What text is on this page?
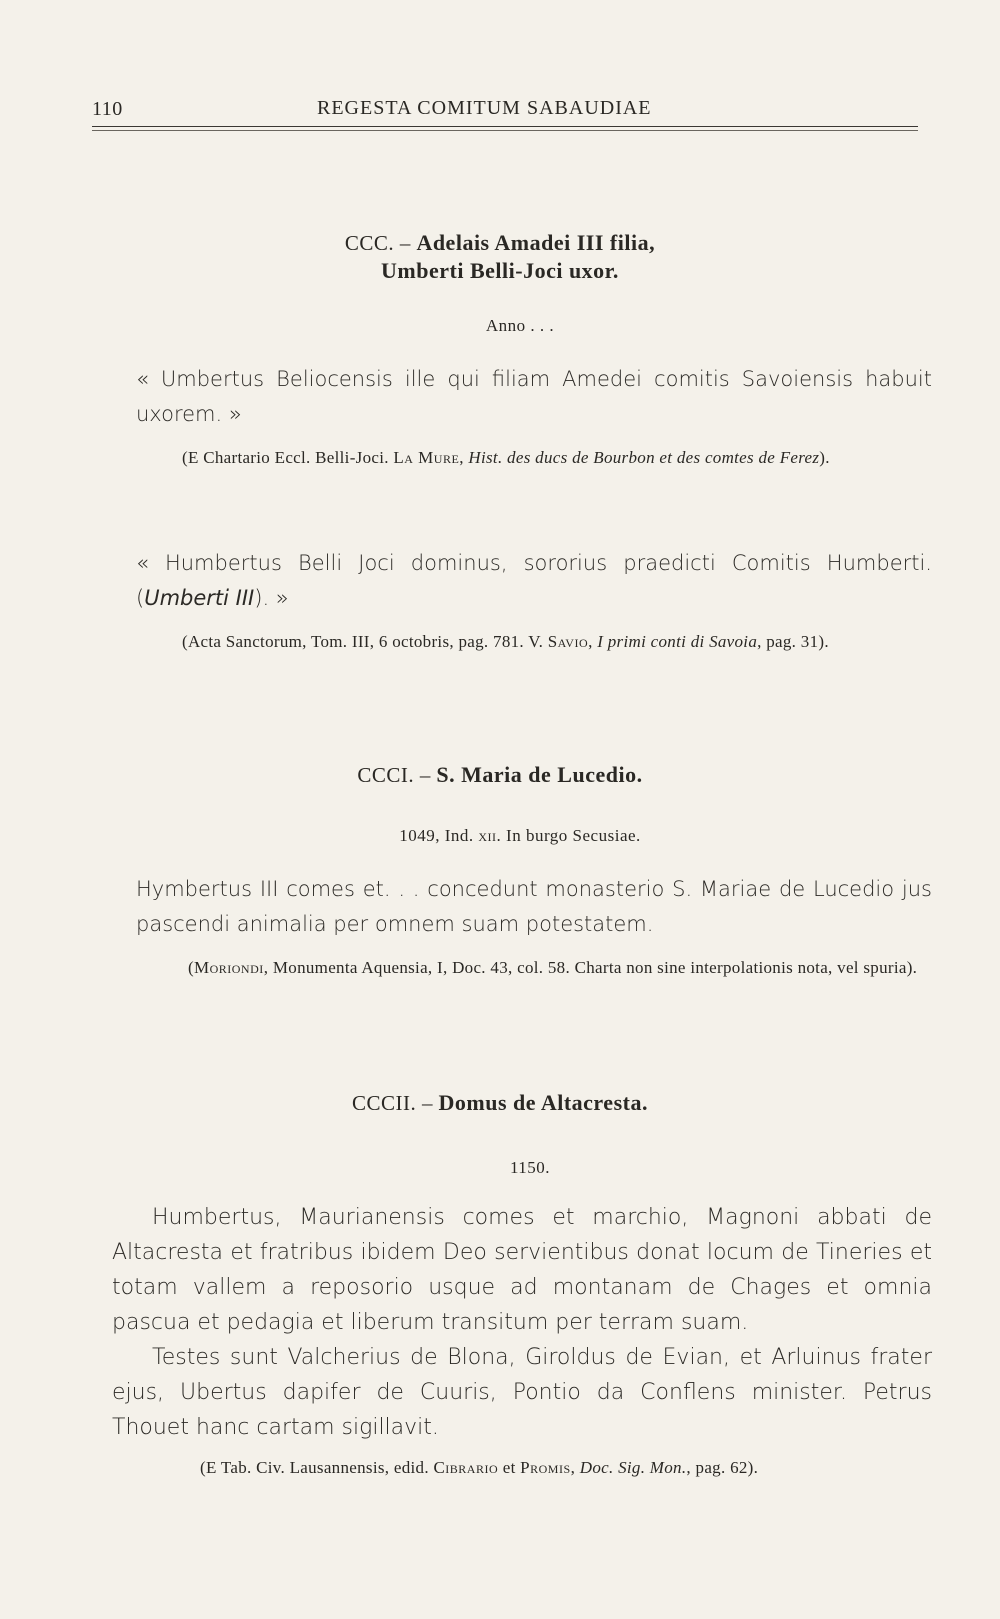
110	REGESTA COMITUM SABAUDIAE
CCC. – Adelais Amadei III filia,
Umberti Belli-Joci uxor.
Anno . . .
« Umbertus Beliocensis ille qui filiam Amedei comitis Savoiensis habuit uxorem. »
(E Chartario Eccl. Belli-Joci. La Mure, Hist. des ducs de Bourbon et des comtes de Ferez).
« Humbertus Belli Joci dominus, sororius praedicti Comitis Humberti. (Umberti III). »
(Acta Sanctorum, Tom. III, 6 octobris, pag. 781. V. Savio, I primi conti di Savoia, pag. 31).
CCCI. – S. Maria de Lucedio.
1049, Ind. xii. In burgo Secusiae.
Hymbertus III comes et. . . concedunt monasterio S. Mariae de Lucedio jus pascendi animalia per omnem suam potestatem.
(Moriondi, Monumenta Aquensia, I, Doc. 43, col. 58. Charta non sine interpolationis nota, vel spuria).
CCCII. – Domus de Altacresta.
1150.
Humbertus, Maurianensis comes et marchio, Magnoni abbati de Altacresta et fratribus ibidem Deo servientibus donat locum de Tineries et totam vallem a reposorio usque ad montanam de Chages et omnia pascua et pedagia et liberum transitum per terram suam.
Testes sunt Valcherius de Blona, Giroldus de Evian, et Arluinus frater ejus, Ubertus dapifer de Cuuris, Pontio da Conflens minister. Petrus Thouet hanc cartam sigillavit.
(E Tab. Civ. Lausannensis, edid. Cibrario et Promis, Doc. Sig. Mon., pag. 62).
